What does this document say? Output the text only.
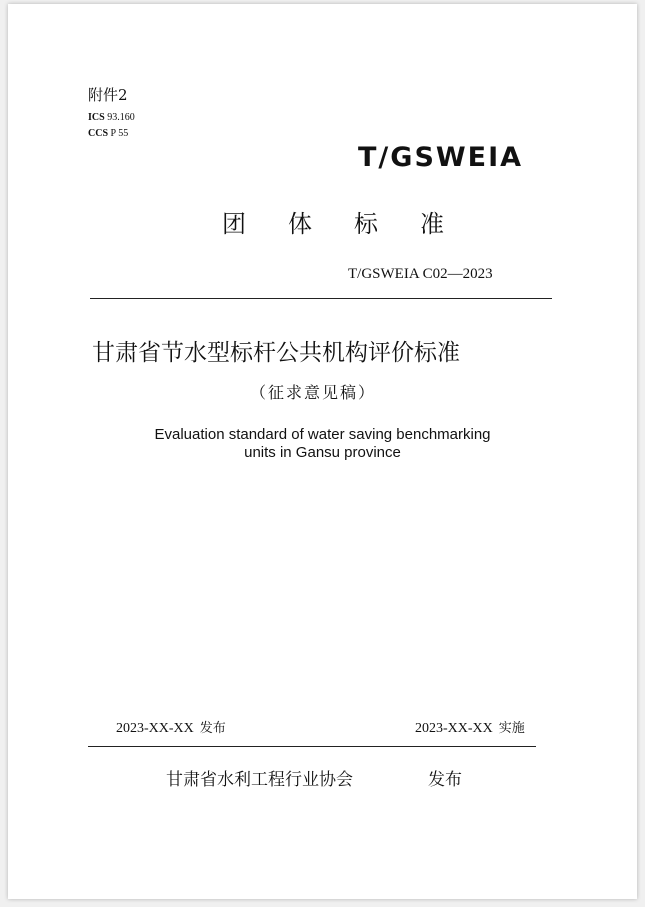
附件2
ICS 93.160
CCS P 55
T/GSWEIA
团体标准
T/GSWEIA C02—2023
甘肃省节水型标杆公共机构评价标准
（征求意见稿）
Evaluation standard of water saving benchmarking
units in Gansu province
2023-XX-XX 发布	2023-XX-XX 实施
甘肃省水利工程行业协会	发布
